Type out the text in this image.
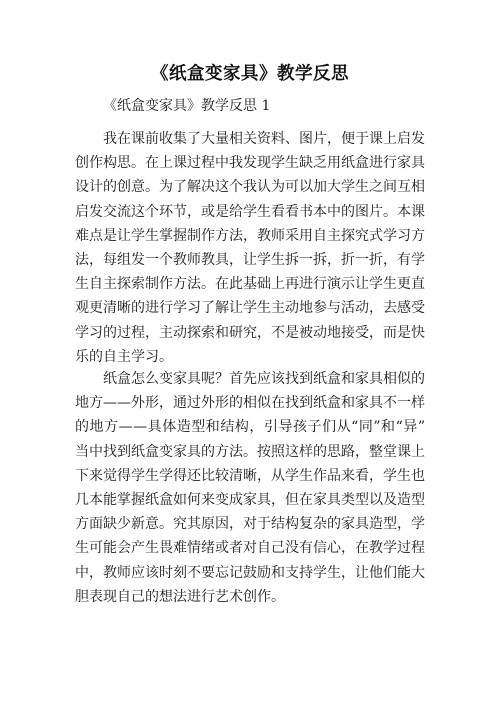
《纸盒变家具》教学反思
《纸盒变家具》教学反思 1
我在课前收集了大量相关资料、图片，便于课上启发
创作构思。在上课过程中我发现学生缺乏用纸盒进行家具
设计的创意。为了解决这个我认为可以加大学生之间互相
启发交流这个环节，或是给学生看看书本中的图片。本课
难点是让学生掌握制作方法，教师采用自主探究式学习方
法，每组发一个教师教具，让学生拆一拆，折一折，有学
生自主探索制作方法。在此基础上再进行演示让学生更直
观更清晰的进行学习了解让学生主动地参与活动，去感受
学习的过程，主动探索和研究，不是被动地接受，而是快
乐的自主学习。
纸盒怎么变家具呢？首先应该找到纸盒和家具相似的
地方——外形，通过外形的相似在找到纸盒和家具不一样
的地方——具体造型和结构，引导孩子们从“同”和“异”
当中找到纸盒变家具的方法。按照这样的思路，整堂课上
下来觉得学生学得还比较清晰，从学生作品来看，学生也
几本能掌握纸盒如何来变成家具，但在家具类型以及造型
方面缺少新意。究其原因，对于结构复杂的家具造型，学
生可能会产生畏难情绪或者对自己没有信心，在教学过程
中，教师应该时刻不要忘记鼓励和支持学生，让他们能大
胆表现自己的想法进行艺术创作。
